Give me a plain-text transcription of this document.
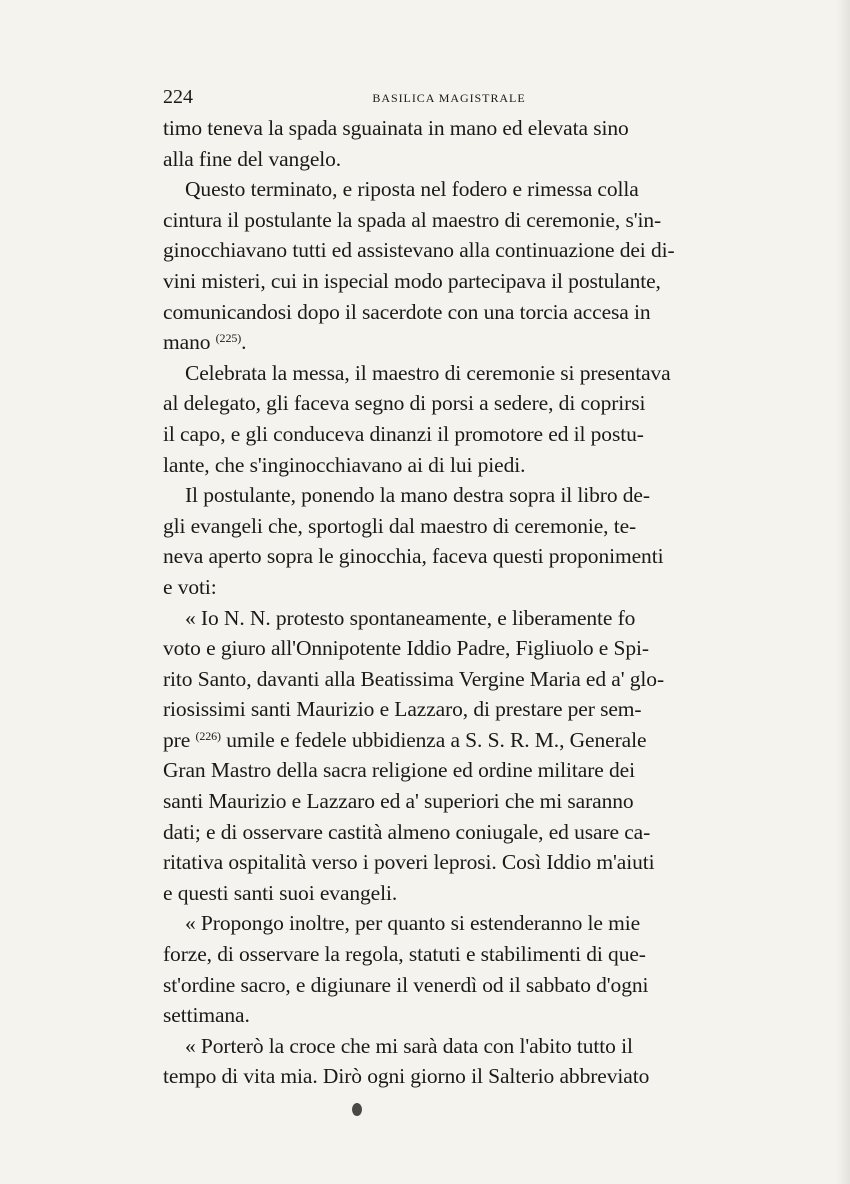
224	BASILICA MAGISTRALE
timo teneva la spada sguainata in mano ed elevata sino
alla fine del vangelo.
Questo terminato, e riposta nel fodero e rimessa colla
cintura il postulante la spada al maestro di ceremonie, s'in-
ginocchiavano tutti ed assistevano alla continuazione dei di-
vini misteri, cui in ispecial modo partecipava il postulante,
comunicandosi dopo il sacerdote con una torcia accesa in
mano $^{(225)}$.
Celebrata la messa, il maestro di ceremonie si presentava
al delegato, gli faceva segno di porsi a sedere, di coprirsi
il capo, e gli conduceva dinanzi il promotore ed il postu-
lante, che s'inginocchiavano ai di lui piedi.
Il postulante, ponendo la mano destra sopra il libro de-
gli evangeli che, sportogli dal maestro di ceremonie, te-
neva aperto sopra le ginocchia, faceva questi proponimenti
e voti:
« Io N. N. protesto spontaneamente, e liberamente fo
voto e giuro all'Onnipotente Iddio Padre, Figliuolo e Spi-
rito Santo, davanti alla Beatissima Vergine Maria ed a' glo-
riosissimi santi Maurizio e Lazzaro, di prestare per sem-
pre $^{(226)}$ umile e fedele ubbidienza a S. S. R. M., Generale
Gran Mastro della sacra religione ed ordine militare dei
santi Maurizio e Lazzaro ed a' superiori che mi saranno
dati; e di osservare castità almeno coniugale, ed usare ca-
ritativa ospitalità verso i poveri leprosi. Così Iddio m'aiuti
e questi santi suoi evangeli.
« Propongo inoltre, per quanto si estenderanno le mie
forze, di osservare la regola, statuti e stabilimenti di que-
st'ordine sacro, e digiunare il venerdì od il sabbato d'ogni
settimana.
« Porterò la croce che mi sarà data con l'abito tutto il
tempo di vita mia. Dirò ogni giorno il Salterio abbreviato
